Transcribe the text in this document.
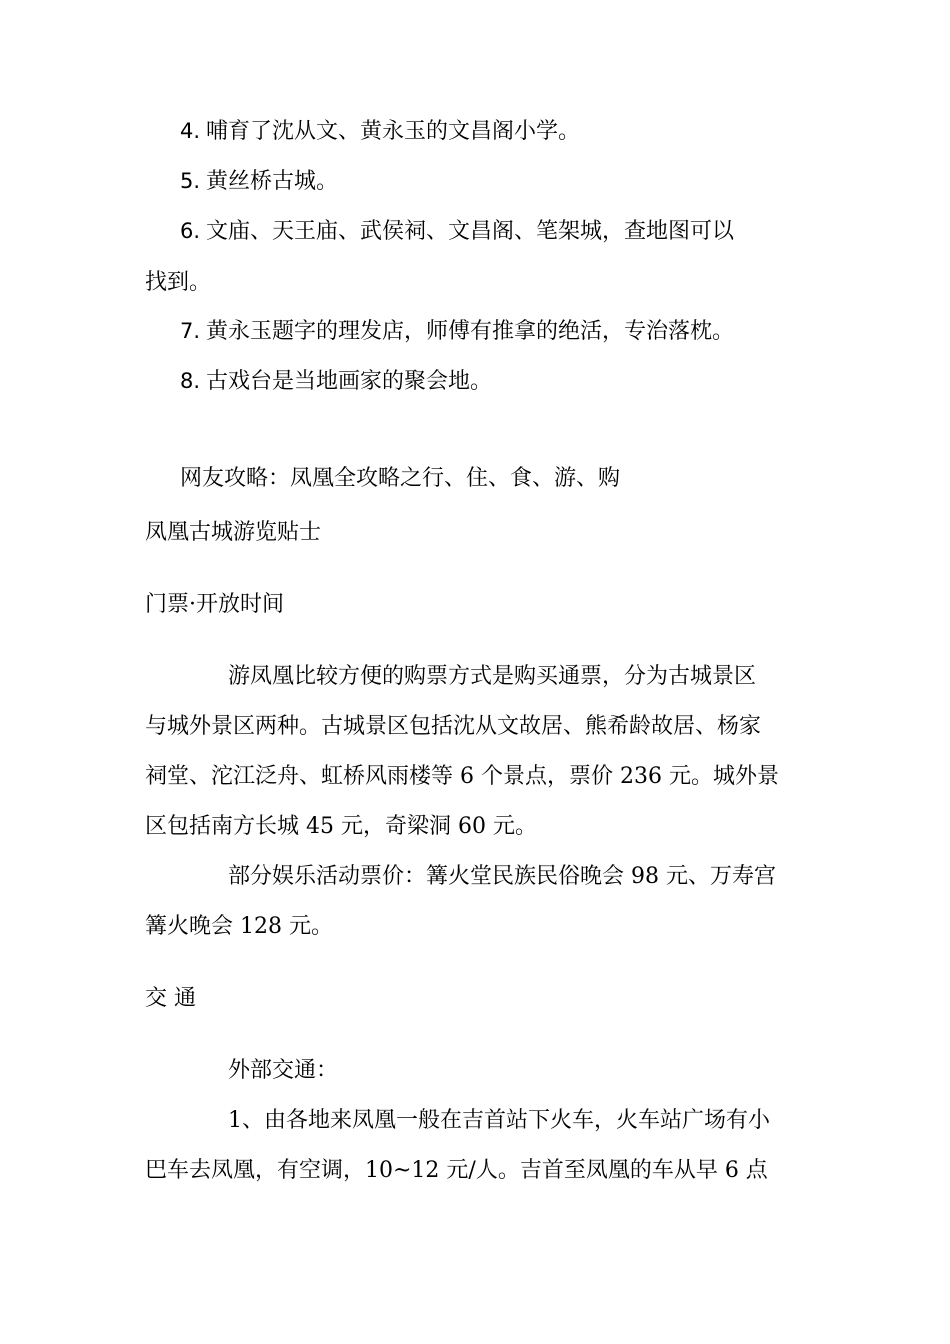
4. 哺育了沈从文、黄永玉的文昌阁小学。
5. 黄丝桥古城。
6. 文庙、天王庙、武侯祠、文昌阁、笔架城，查地图可以
找到。
7. 黄永玉题字的理发店，师傅有推拿的绝活，专治落枕。
8. 古戏台是当地画家的聚会地。
网友攻略：凤凰全攻略之行、住、食、游、购
凤凰古城游览贴士
门票·开放时间
游凤凰比较方便的购票方式是购买通票，分为古城景区
与城外景区两种。古城景区包括沈从文故居、熊希龄故居、杨家
祠堂、沱江泛舟、虹桥风雨楼等 6 个景点，票价 236 元。城外景
区包括南方长城 45 元，奇梁洞 60 元。
部分娱乐活动票价：篝火堂民族民俗晚会 98 元、万寿宫
篝火晚会 128 元。
交 通
外部交通：
1、由各地来凤凰一般在吉首站下火车，火车站广场有小
巴车去凤凰，有空调，10~12 元/人。吉首至凤凰的车从早 6 点
